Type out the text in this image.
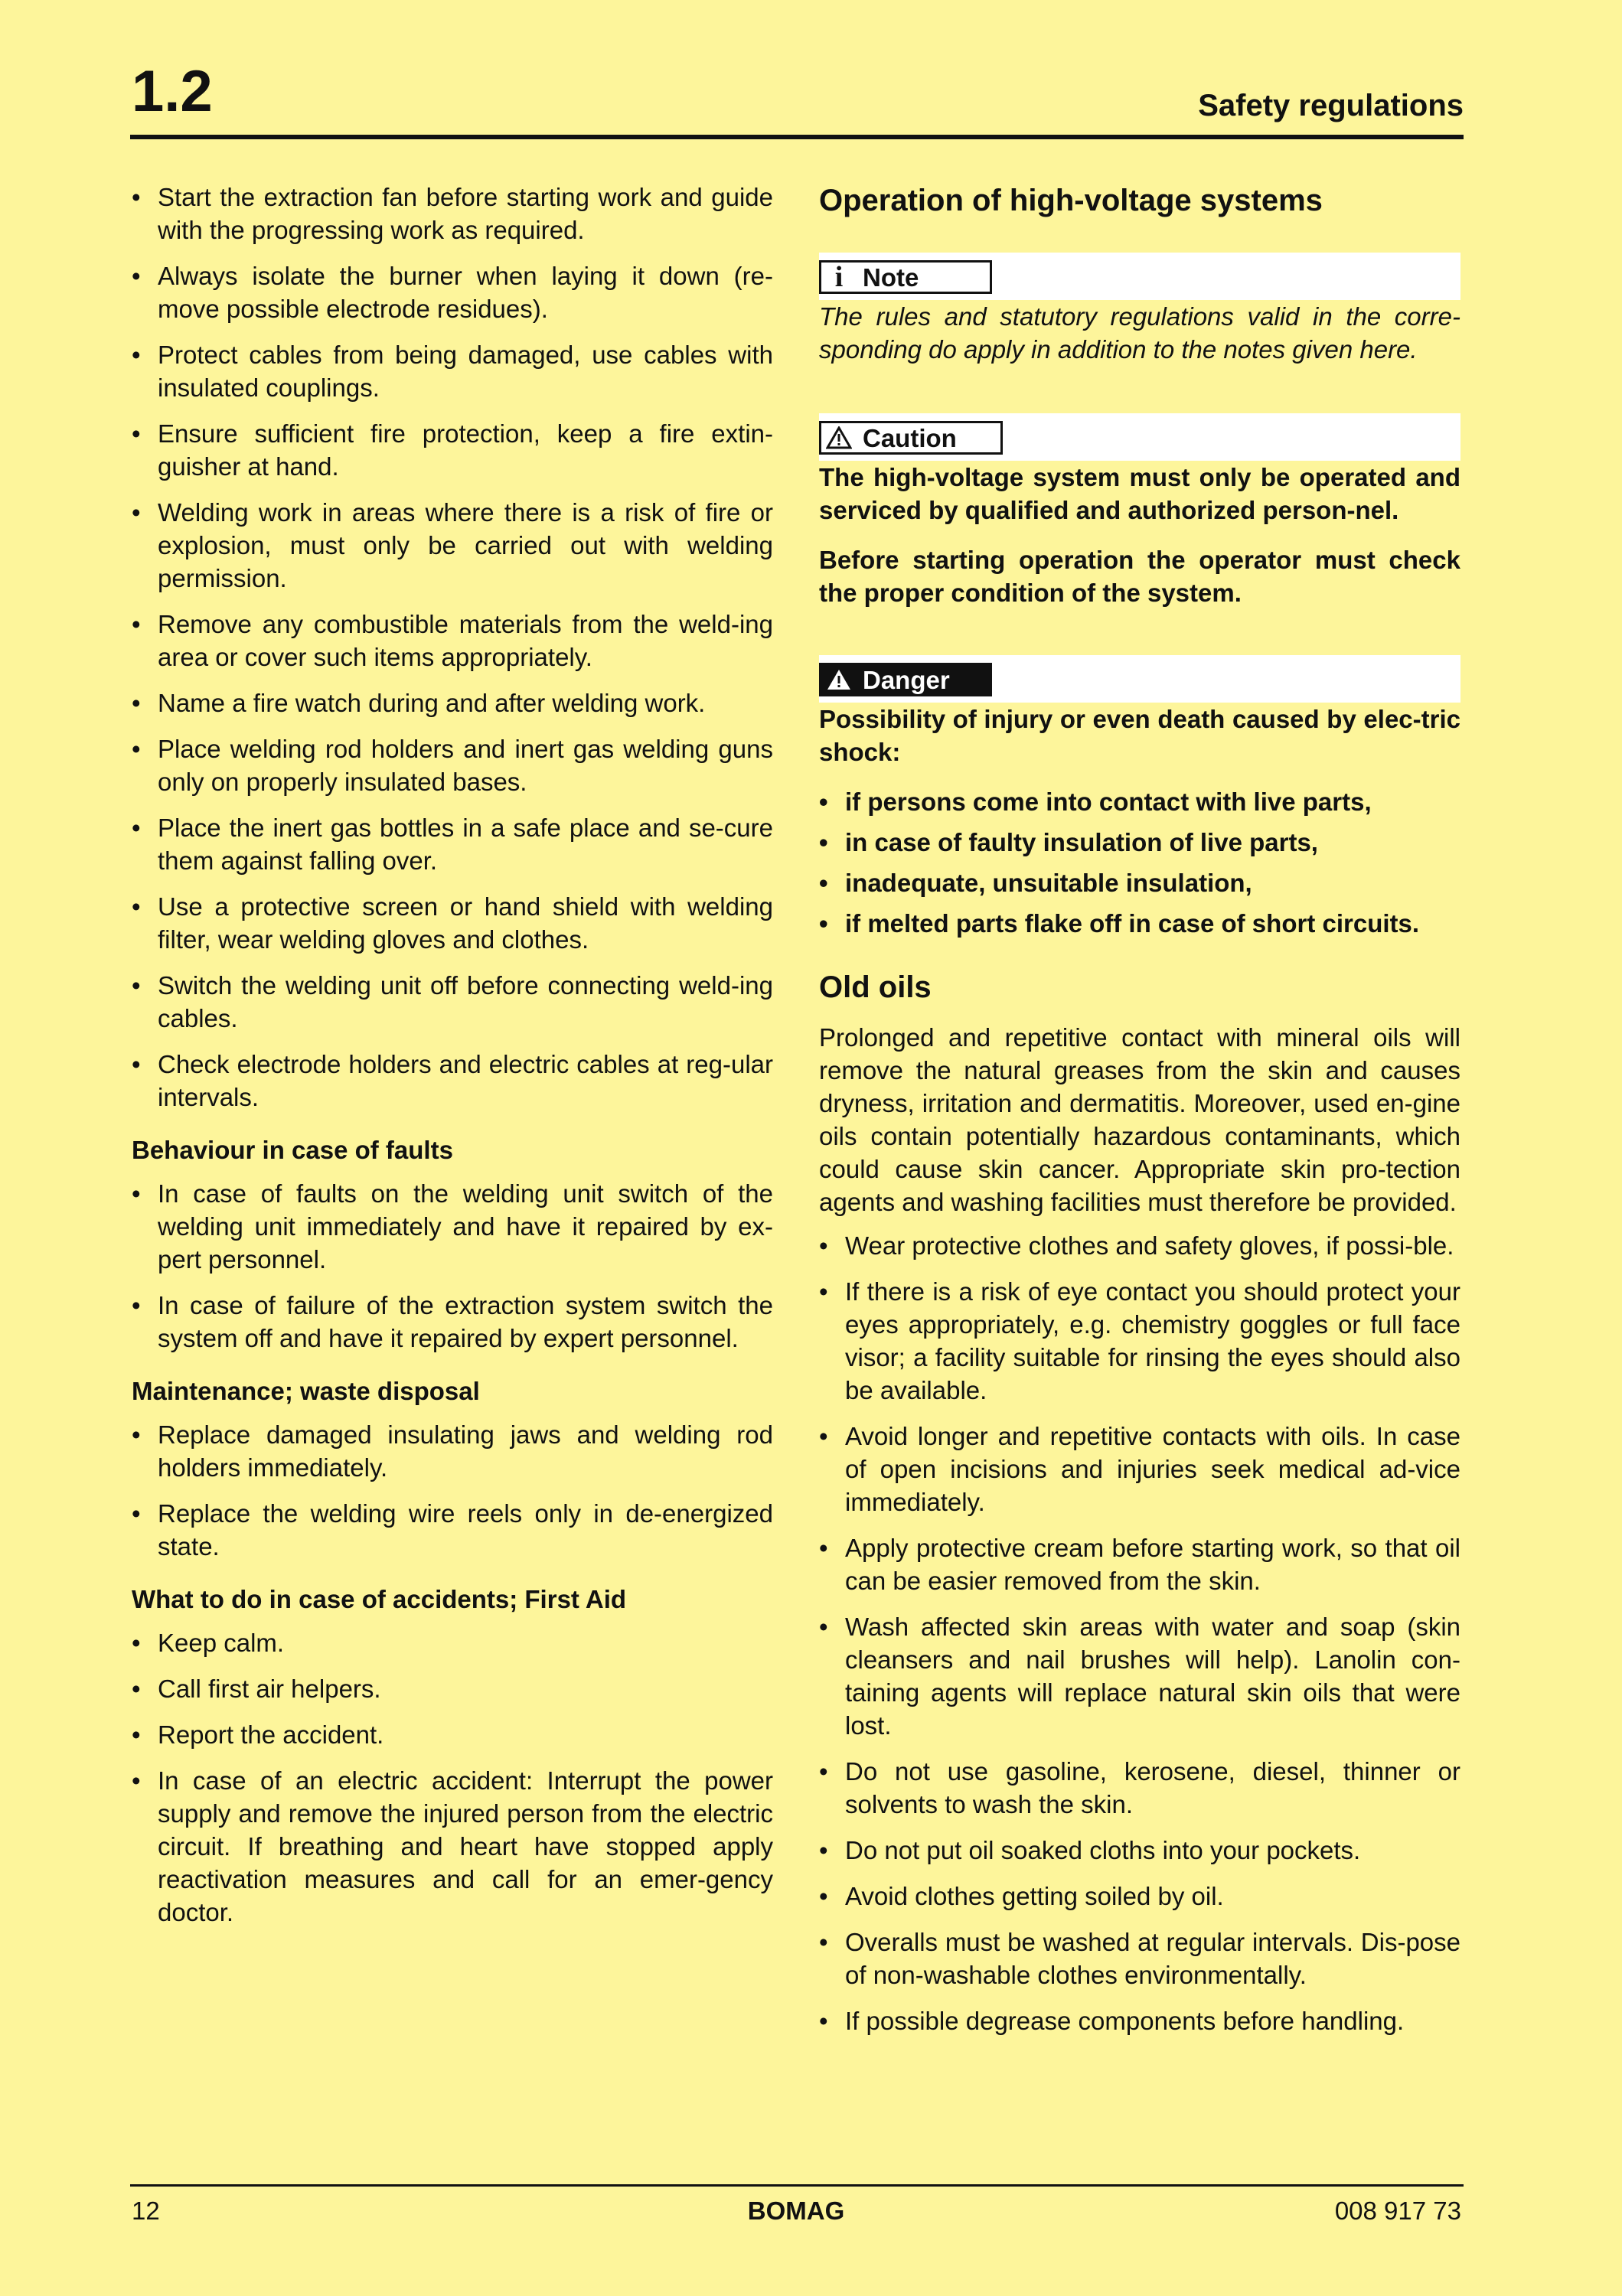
1.2	Safety regulations
• Start the extraction fan before starting work and guide with the progressing work as required.
• Always isolate the burner when laying it down (re-move possible electrode residues).
• Protect cables from being damaged, use cables with insulated couplings.
• Ensure sufficient fire protection, keep a fire extin-guisher at hand.
• Welding work in areas where there is a risk of fire or explosion, must only be carried out with welding permission.
• Remove any combustible materials from the weld-ing area or cover such items appropriately.
• Name a fire watch during and after welding work.
• Place welding rod holders and inert gas welding guns only on properly insulated bases.
• Place the inert gas bottles in a safe place and se-cure them against falling over.
• Use a protective screen or hand shield with welding filter, wear welding gloves and clothes.
• Switch the welding unit off before connecting weld-ing cables.
• Check electrode holders and electric cables at reg-ular intervals.
Behaviour in case of faults
• In case of faults on the welding unit switch of the welding unit immediately and have it repaired by ex-pert personnel.
• In case of failure of the extraction system switch the system off and have it repaired by expert personnel.
Maintenance; waste disposal
• Replace damaged insulating jaws and welding rod holders immediately.
• Replace the welding wire reels only in de-energized state.
What to do in case of accidents; First Aid
• Keep calm.
• Call first air helpers.
• Report the accident.
• In case of an electric accident: Interrupt the power supply and remove the injured person from the electric circuit. If breathing and heart have stopped apply reactivation measures and call for an emer-gency doctor.
Operation of high-voltage systems
i Note
The rules and statutory regulations valid in the corre-sponding do apply in addition to the notes given here.
Caution
The high-voltage system must only be operated and serviced by qualified and authorized person-nel.
Before starting operation the operator must check the proper condition of the system.
Danger
Possibility of injury or even death caused by elec-tric shock:
• if persons come into contact with live parts,
• in case of faulty insulation of live parts,
• inadequate, unsuitable insulation,
• if melted parts flake off in case of short circuits.
Old oils
Prolonged and repetitive contact with mineral oils will remove the natural greases from the skin and causes dryness, irritation and dermatitis. Moreover, used en-gine oils contain potentially hazardous contaminants, which could cause skin cancer. Appropriate skin pro-tection agents and washing facilities must therefore be provided.
• Wear protective clothes and safety gloves, if possi-ble.
• If there is a risk of eye contact you should protect your eyes appropriately, e.g. chemistry goggles or full face visor; a facility suitable for rinsing the eyes should also be available.
• Avoid longer and repetitive contacts with oils. In case of open incisions and injuries seek medical ad-vice immediately.
• Apply protective cream before starting work, so that oil can be easier removed from the skin.
• Wash affected skin areas with water and soap (skin cleansers and nail brushes will help). Lanolin con-taining agents will replace natural skin oils that were lost.
• Do not use gasoline, kerosene, diesel, thinner or solvents to wash the skin.
• Do not put oil soaked cloths into your pockets.
• Avoid clothes getting soiled by oil.
• Overalls must be washed at regular intervals. Dis-pose of non-washable clothes environmentally.
• If possible degrease components before handling.
12	BOMAG	008 917 73
